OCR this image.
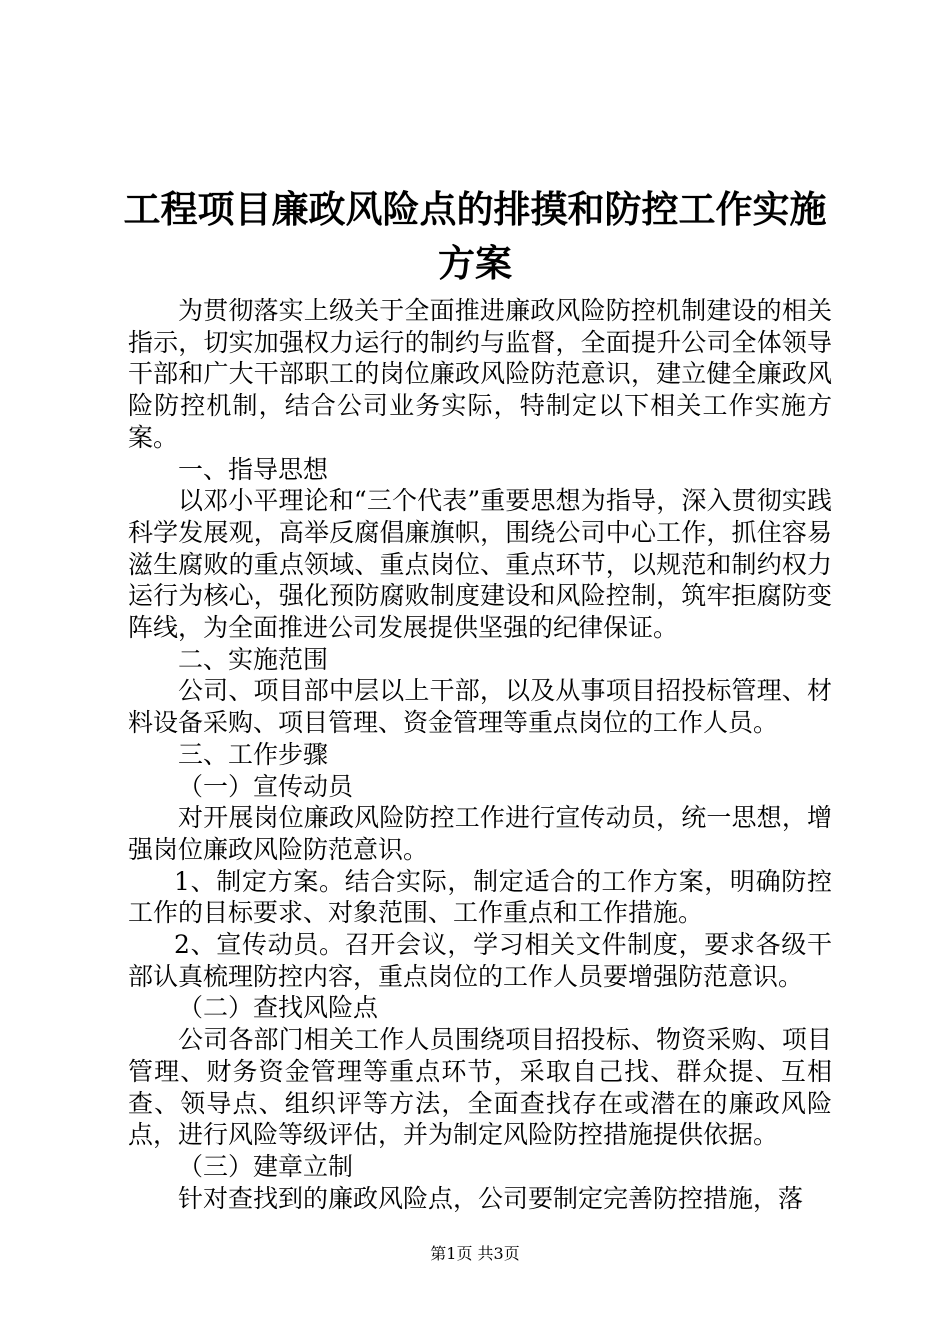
工程项目廉政风险点的排摸和防控工作实施方案

为贯彻落实上级关于全面推进廉政风险防控机制建设的相关指示，切实加强权力运行的制约与监督，全面提升公司全体领导干部和广大干部职工的岗位廉政风险防范意识，建立健全廉政风险防控机制，结合公司业务实际，特制定以下相关工作实施方案。

一、指导思想

以邓小平理论和“三个代表”重要思想为指导，深入贯彻实践科学发展观，高举反腐倡廉旗帜，围绕公司中心工作，抓住容易滋生腐败的重点领域、重点岗位、重点环节，以规范和制约权力运行为核心，强化预防腐败制度建设和风险控制，筑牢拒腐防变阵线，为全面推进公司发展提供坚强的纪律保证。

二、实施范围

公司、项目部中层以上干部，以及从事项目招投标管理、材料设备采购、项目管理、资金管理等重点岗位的工作人员。

三、工作步骤

（一）宣传动员

对开展岗位廉政风险防控工作进行宣传动员，统一思想，增强岗位廉政风险防范意识。

1、制定方案。结合实际，制定适合的工作方案，明确防控工作的目标要求、对象范围、工作重点和工作措施。

2、宣传动员。召开会议，学习相关文件制度，要求各级干部认真梳理防控内容，重点岗位的工作人员要增强防范意识。

（二）查找风险点

公司各部门相关工作人员围绕项目招投标、物资采购、项目管理、财务资金管理等重点环节，采取自己找、群众提、互相查、领导点、组织评等方法，全面查找存在或潜在的廉政风险点，进行风险等级评估，并为制定风险防控措施提供依据。

（三）建章立制

针对查找到的廉政风险点，公司要制定完善防控措施，落

第1页 共3页
